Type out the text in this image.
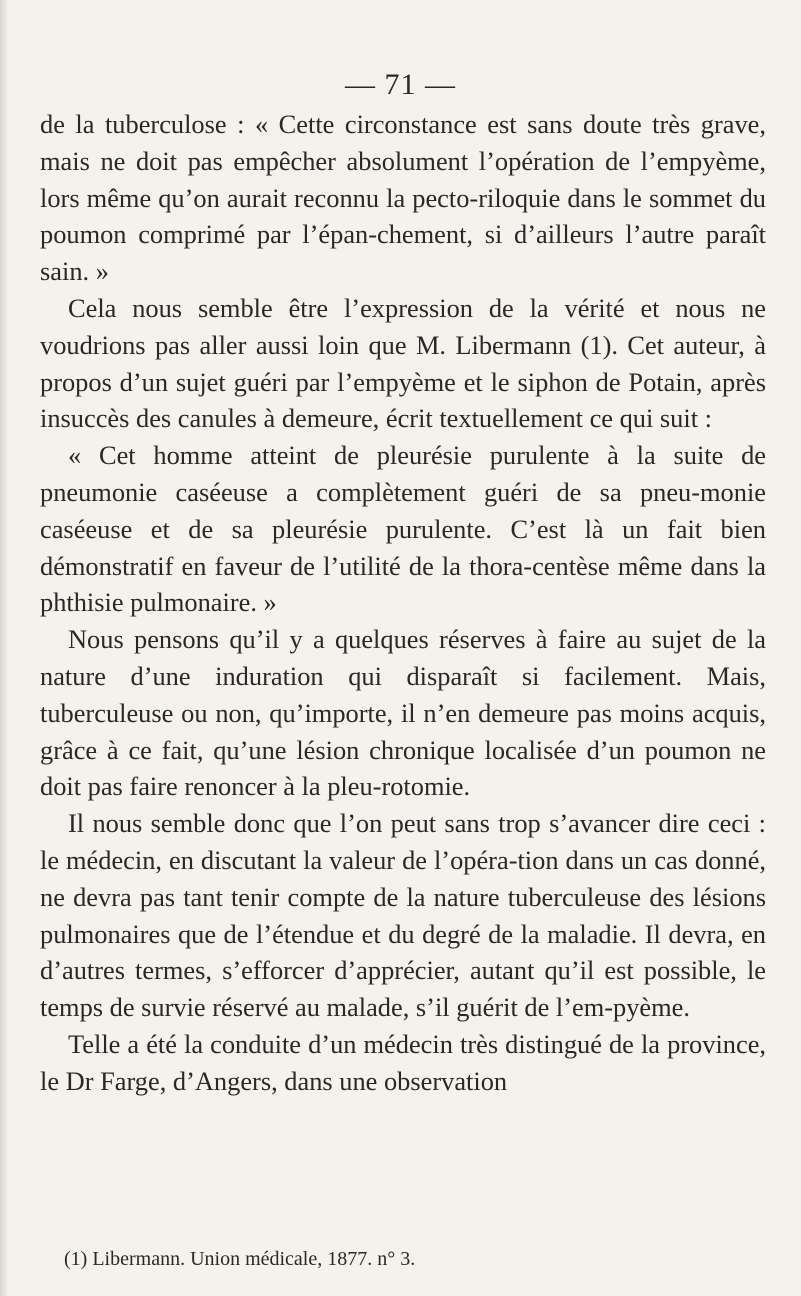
— 71 —

de la tuberculose : « Cette circonstance est sans doute très grave, mais ne doit pas empêcher absolument l’opération de l’empyème, lors même qu’on aurait reconnu la pecto-riloquie dans le sommet du poumon comprimé par l’épan-chement, si d’ailleurs l’autre paraît sain. »

Cela nous semble être l’expression de la vérité et nous ne voudrions pas aller aussi loin que M. Libermann (1). Cet auteur, à propos d’un sujet guéri par l’empyème et le siphon de Potain, après insuccès des canules à demeure, écrit textuellement ce qui suit :

« Cet homme atteint de pleurésie purulente à la suite de pneumonie caséeuse a complètement guéri de sa pneu-monie caséeuse et de sa pleurésie purulente. C’est là un fait bien démonstratif en faveur de l’utilité de la thora-centèse même dans la phthisie pulmonaire. »

Nous pensons qu’il y a quelques réserves à faire au sujet de la nature d’une induration qui disparaît si facilement. Mais, tuberculeuse ou non, qu’importe, il n’en demeure pas moins acquis, grâce à ce fait, qu’une lésion chronique localisée d’un poumon ne doit pas faire renoncer à la pleu-rotomie.

Il nous semble donc que l’on peut sans trop s’avancer dire ceci : le médecin, en discutant la valeur de l’opéra-tion dans un cas donné, ne devra pas tant tenir compte de la nature tuberculeuse des lésions pulmonaires que de l’étendue et du degré de la maladie. Il devra, en d’autres termes, s’efforcer d’apprécier, autant qu’il est possible, le temps de survie réservé au malade, s’il guérit de l’em-pyème.

Telle a été la conduite d’un médecin très distingué de la province, le Dr Farge, d’Angers, dans une observation

(1) Libermann. Union médicale, 1877. n° 3.
